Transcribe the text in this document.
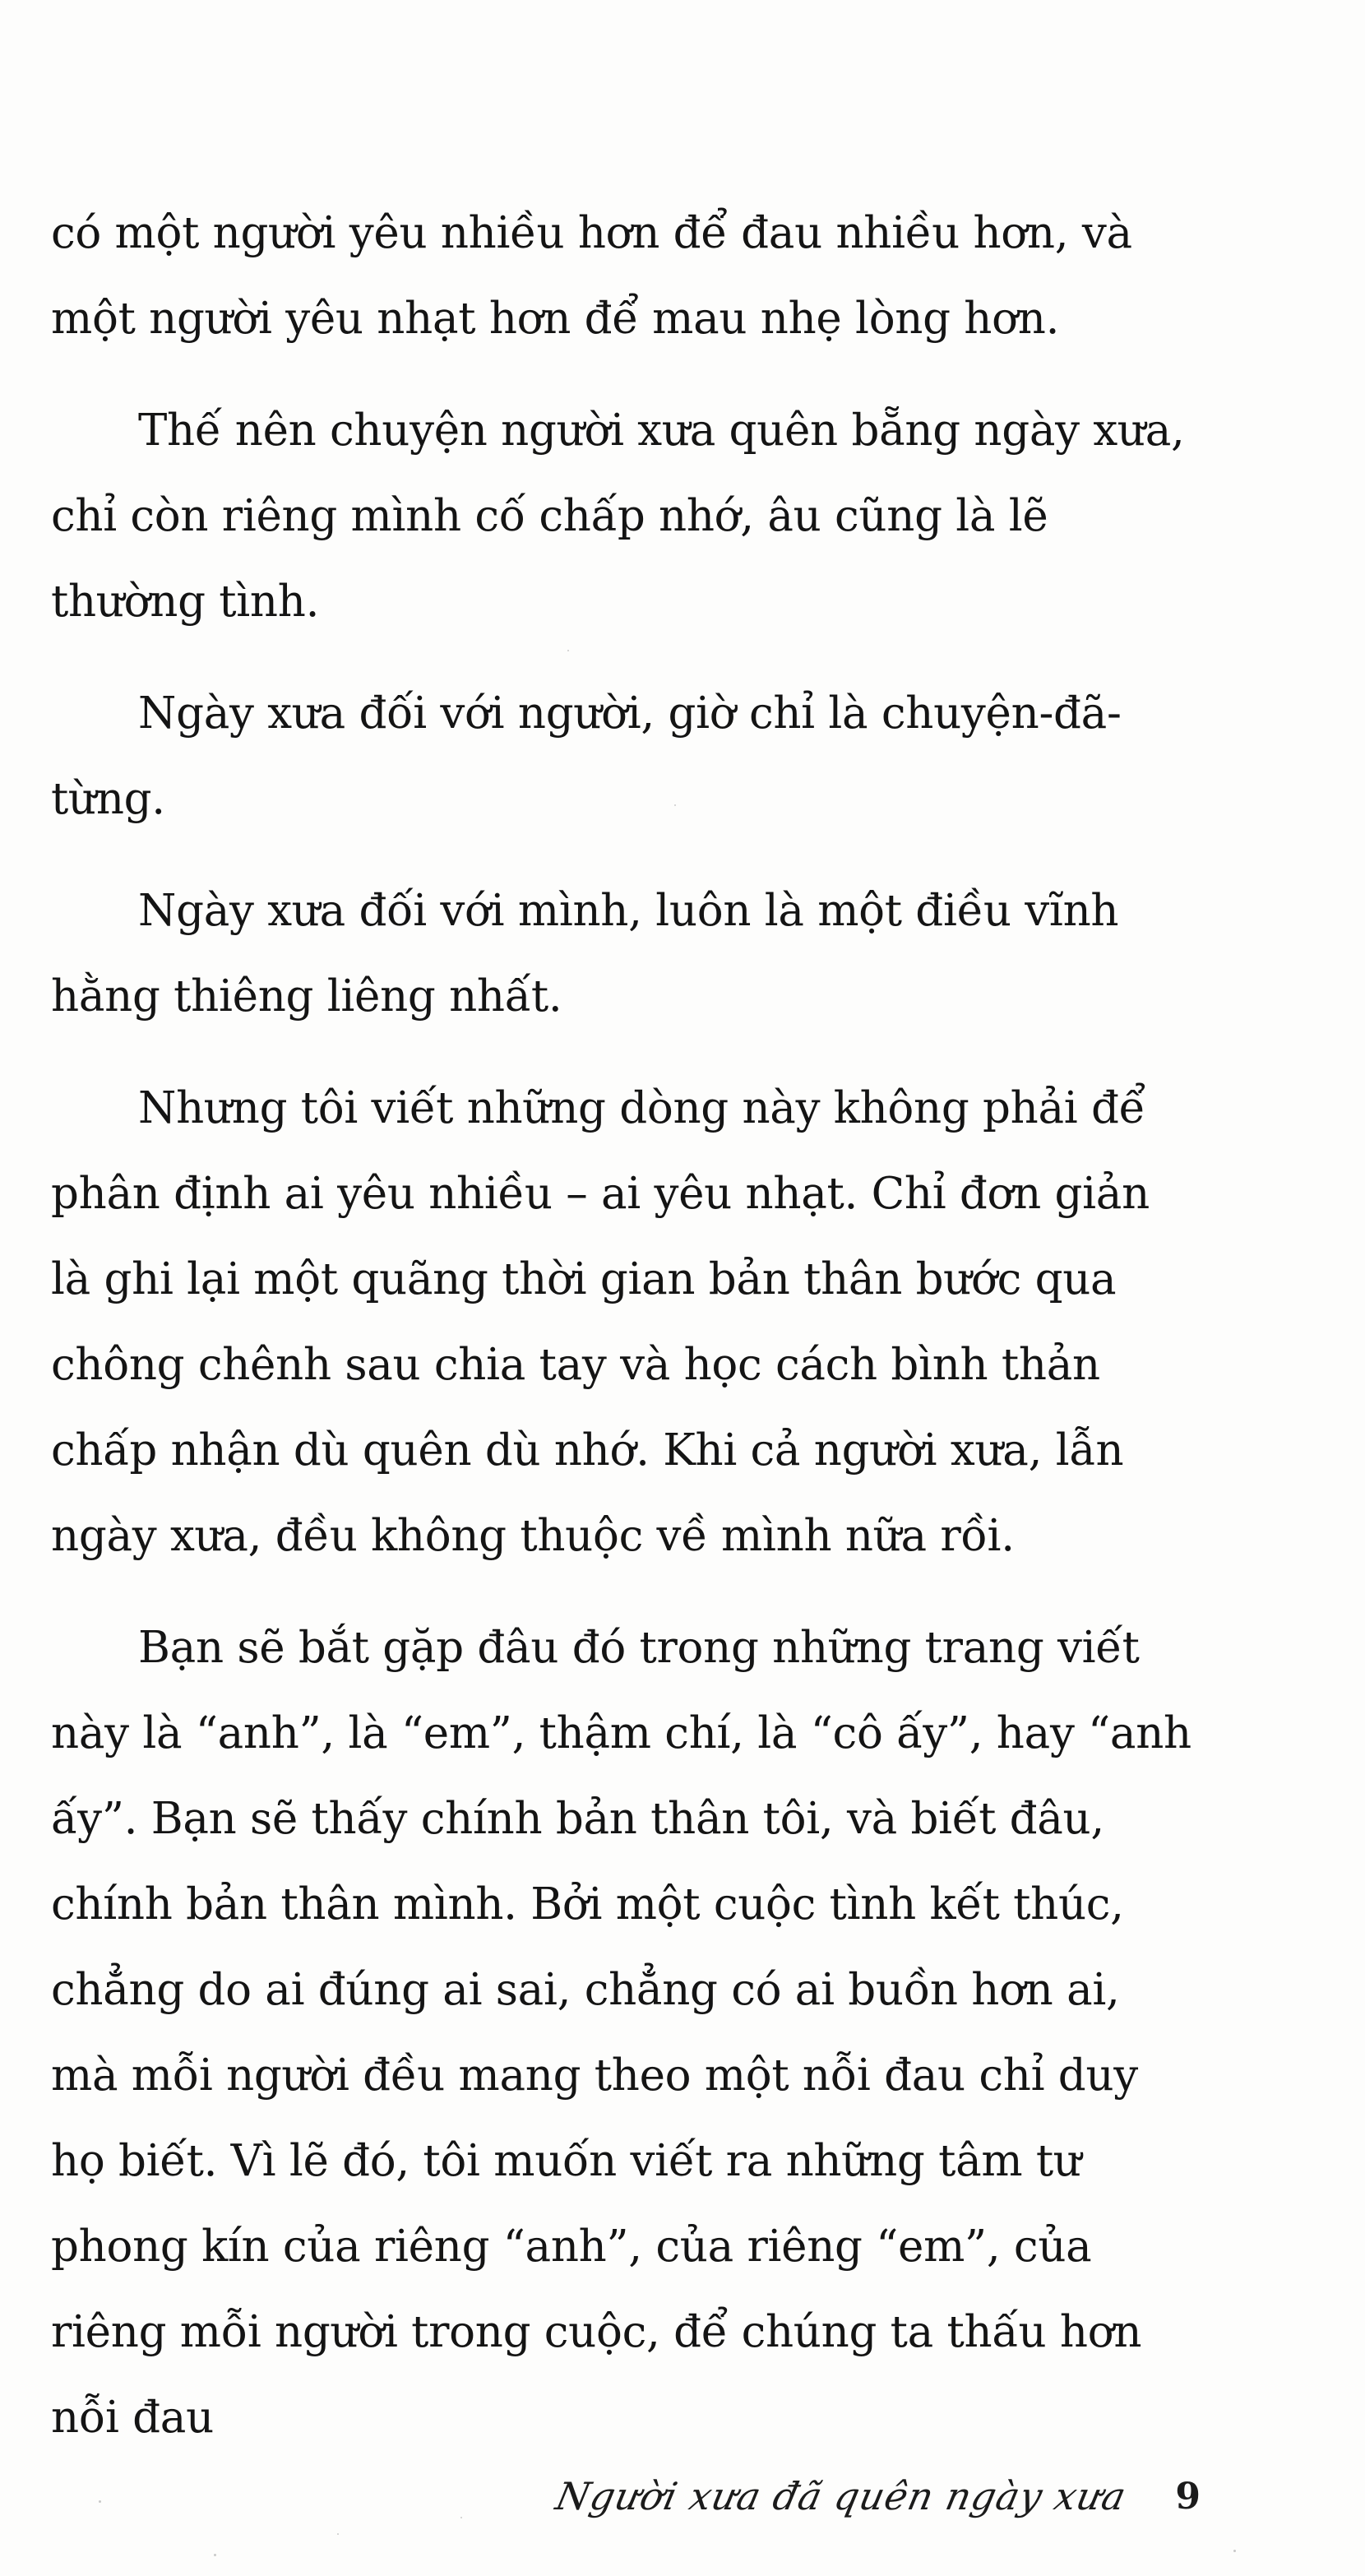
có một người yêu nhiều hơn để đau nhiều hơn, và một người yêu nhạt hơn để mau nhẹ lòng hơn.

Thế nên chuyện người xưa quên bẵng ngày xưa, chỉ còn riêng mình cố chấp nhớ, âu cũng là lẽ thường tình.

Ngày xưa đối với người, giờ chỉ là chuyện-đã-từng.

Ngày xưa đối với mình, luôn là một điều vĩnh hằng thiêng liêng nhất.

Nhưng tôi viết những dòng này không phải để phân định ai yêu nhiều – ai yêu nhạt. Chỉ đơn giản là ghi lại một quãng thời gian bản thân bước qua chông chênh sau chia tay và học cách bình thản chấp nhận dù quên dù nhớ. Khi cả người xưa, lẫn ngày xưa, đều không thuộc về mình nữa rồi.

Bạn sẽ bắt gặp đâu đó trong những trang viết này là “anh”, là “em”, thậm chí, là “cô ấy”, hay “anh ấy”. Bạn sẽ thấy chính bản thân tôi, và biết đâu, chính bản thân mình. Bởi một cuộc tình kết thúc, chẳng do ai đúng ai sai, chẳng có ai buồn hơn ai, mà mỗi người đều mang theo một nỗi đau chỉ duy họ biết. Vì lẽ đó, tôi muốn viết ra những tâm tư phong kín của riêng “anh”, của riêng “em”, của riêng mỗi người trong cuộc, để chúng ta thấu hơn nỗi đau

Người xưa đã quên ngày xưa 9
